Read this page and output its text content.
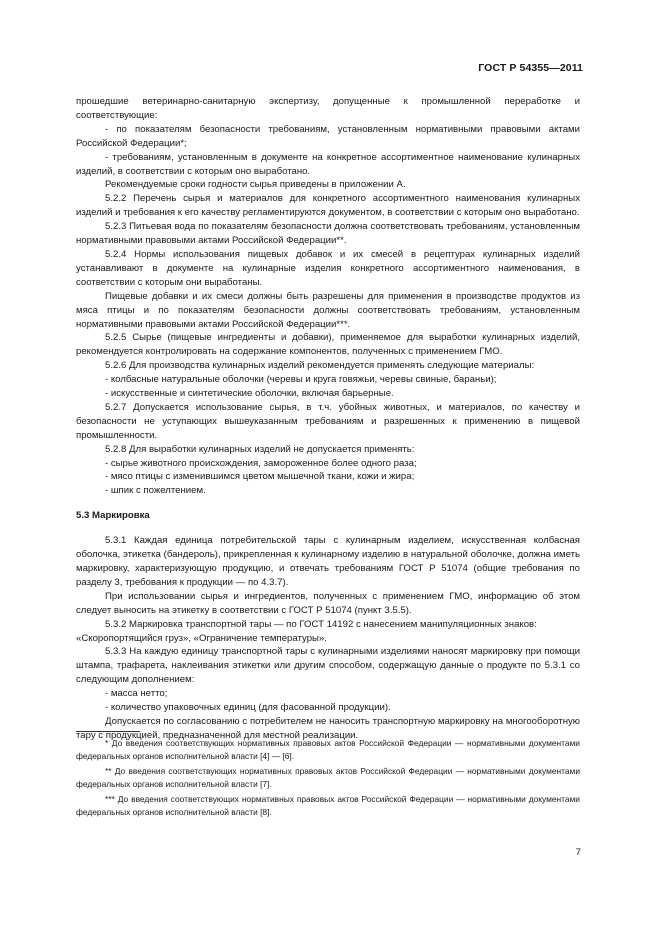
ГОСТ Р 54355—2011

прошедшие ветеринарно-санитарную экспертизу, допущенные к промышленной переработке и соответствующие:

- по показателям безопасности требованиям, установленным нормативными правовыми актами Российской Федерации*;

- требованиям, установленным в документе на конкретное ассортиментное наименование кулинарных изделий, в соответствии с которым оно выработано.

Рекомендуемые сроки годности сырья приведены в приложении А.

5.2.2 Перечень сырья и материалов для конкретного ассортиментного наименования кулинарных изделий и требования к его качеству регламентируются документом, в соответствии с которым оно выработано.

5.2.3 Питьевая вода по показателям безопасности должна соответствовать требованиям, установленным нормативными правовыми актами Российской Федерации**.

5.2.4 Нормы использования пищевых добавок и их смесей в рецептурах кулинарных изделий устанавливают в документе на кулинарные изделия конкретного ассортиментного наименования, в соответствии с которым они выработаны.

Пищевые добавки и их смеси должны быть разрешены для применения в производстве продуктов из мяса птицы и по показателям безопасности должны соответствовать требованиям, установленным нормативными правовыми актами Российской Федерации***.

5.2.5 Сырье (пищевые ингредиенты и добавки), применяемое для выработки кулинарных изделий, рекомендуется контролировать на содержание компонентов, полученных с применением ГМО.

5.2.6 Для производства кулинарных изделий рекомендуется применять следующие материалы:

- колбасные натуральные оболочки (черевы и круга говяжьи, черевы свиные, бараньи);

- искусственные и синтетические оболочки, включая барьерные.

5.2.7 Допускается использование сырья, в т.ч. убойных животных, и материалов, по качеству и безопасности не уступающих вышеуказанным требованиям и разрешенных к применению в пищевой промышленности.

5.2.8 Для выработки кулинарных изделий не допускается применять:

- сырье животного происхождения, замороженное более одного раза;

- мясо птицы с изменившимся цветом мышечной ткани, кожи и жира;

- шпик с пожелтением.

5.3 Маркировка

5.3.1 Каждая единица потребительской тары с кулинарным изделием, искусственная колбасная оболочка, этикетка (бандероль), прикрепленная к кулинарному изделию в натуральной оболочке, должна иметь маркировку, характеризующую продукцию, и отвечать требованиям ГОСТ Р 51074 (общие требования по разделу 3, требования к продукции — по 4.3.7).

При использовании сырья и ингредиентов, полученных с применением ГМО, информацию об этом следует выносить на этикетку в соответствии с ГОСТ Р 51074 (пункт 3.5.5).

5.3.2 Маркировка транспортной тары — по ГОСТ 14192 с нанесением манипуляционных знаков:

«Скоропортящийся груз», «Ограничение температуры».

5.3.3 На каждую единицу транспортной тары с кулинарными изделиями наносят маркировку при помощи штампа, трафарета, наклеивания этикетки или другим способом, содержащую данные о продукте по 5.3.1 со следующим дополнением:

- масса нетто;

- количество упаковочных единиц (для фасованной продукции).

Допускается по согласованию с потребителем не наносить транспортную маркировку на многооборотную тару с продукцией, предназначенной для местной реализации.

* До введения соответствующих нормативных правовых актов Российской Федерации — нормативными документами федеральных органов исполнительной власти [4] — [6].

** До введения соответствующих нормативных правовых актов Российской Федерации — нормативными документами федеральных органов исполнительной власти [7].

*** До введения соответствующих нормативных правовых актов Российской Федерации — нормативными документами федеральных органов исполнительной власти [8].

7
